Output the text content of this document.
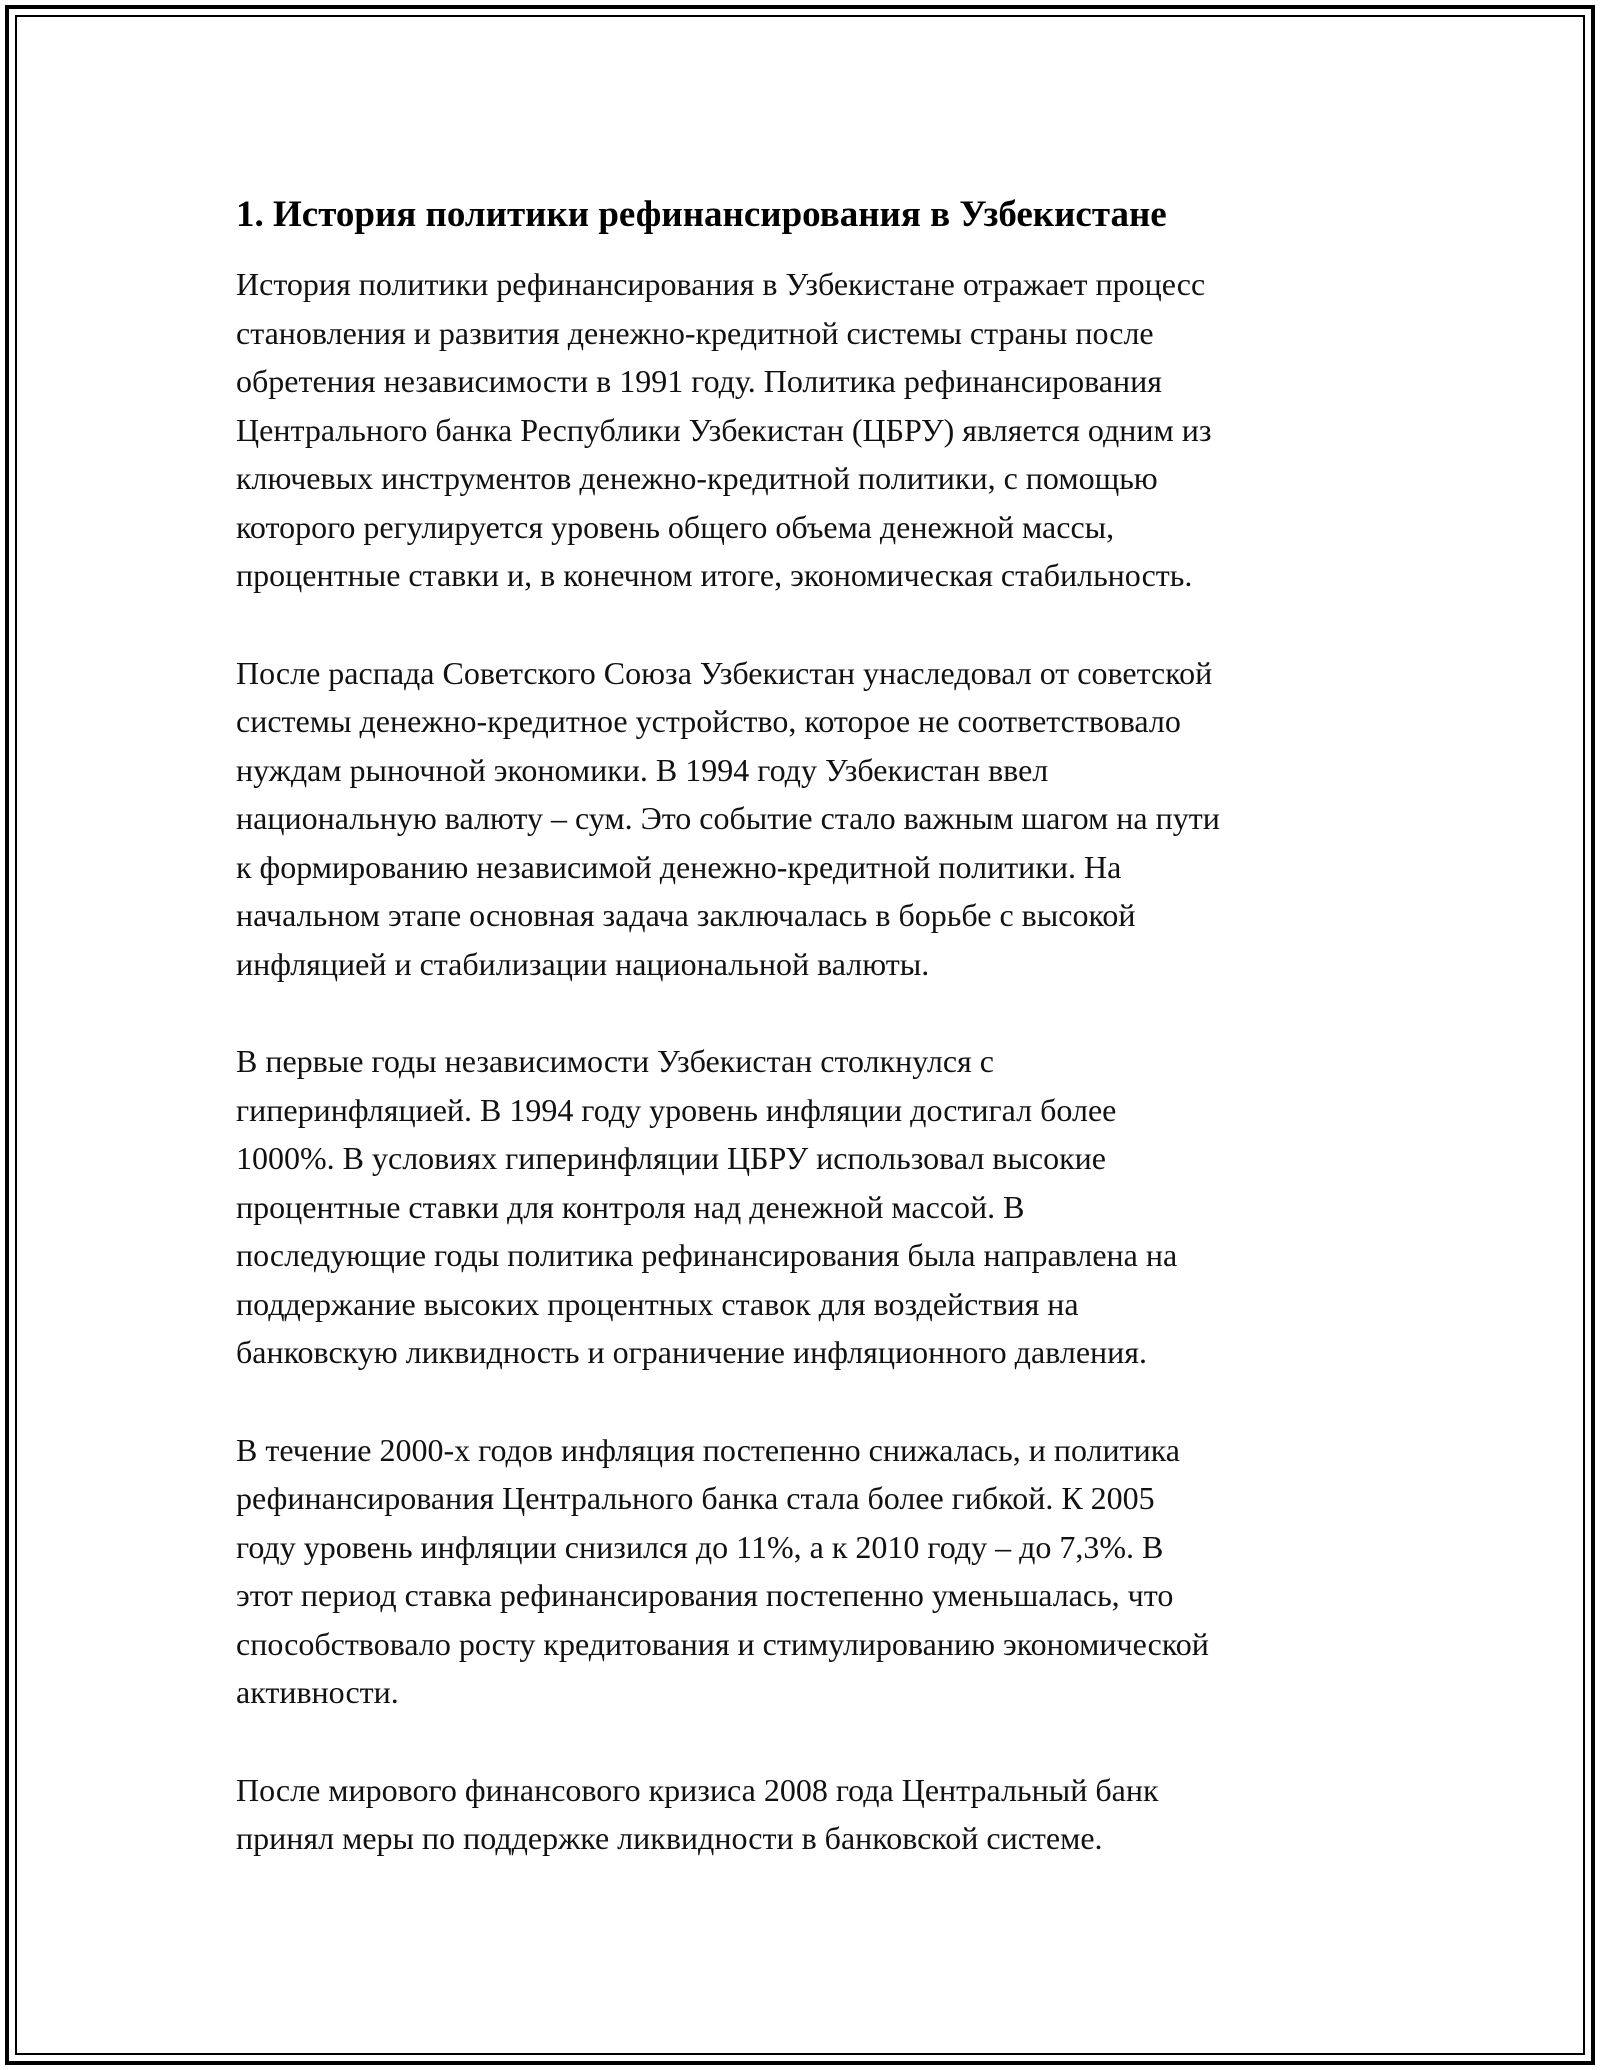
1. История политики рефинансирования в Узбекистане
История политики рефинансирования в Узбекистане отражает процесс
становления и развития денежно-кредитной системы страны после
обретения независимости в 1991 году. Политика рефинансирования
Центрального банка Республики Узбекистан (ЦБРУ) является одним из
ключевых инструментов денежно-кредитной политики, с помощью
которого регулируется уровень общего объема денежной массы,
процентные ставки и, в конечном итоге, экономическая стабильность.
После распада Советского Союза Узбекистан унаследовал от советской
системы денежно-кредитное устройство, которое не соответствовало
нуждам рыночной экономики. В 1994 году Узбекистан ввел
национальную валюту – сум. Это событие стало важным шагом на пути
к формированию независимой денежно-кредитной политики. На
начальном этапе основная задача заключалась в борьбе с высокой
инфляцией и стабилизации национальной валюты.
В первые годы независимости Узбекистан столкнулся с
гиперинфляцией. В 1994 году уровень инфляции достигал более
1000%. В условиях гиперинфляции ЦБРУ использовал высокие
процентные ставки для контроля над денежной массой. В
последующие годы политика рефинансирования была направлена на
поддержание высоких процентных ставок для воздействия на
банковскую ликвидность и ограничение инфляционного давления.
В течение 2000-х годов инфляция постепенно снижалась, и политика
рефинансирования Центрального банка стала более гибкой. К 2005
году уровень инфляции снизился до 11%, а к 2010 году – до 7,3%. В
этот период ставка рефинансирования постепенно уменьшалась, что
способствовало росту кредитования и стимулированию экономической
активности.
После мирового финансового кризиса 2008 года Центральный банк
принял меры по поддержке ликвидности в банковской системе.
